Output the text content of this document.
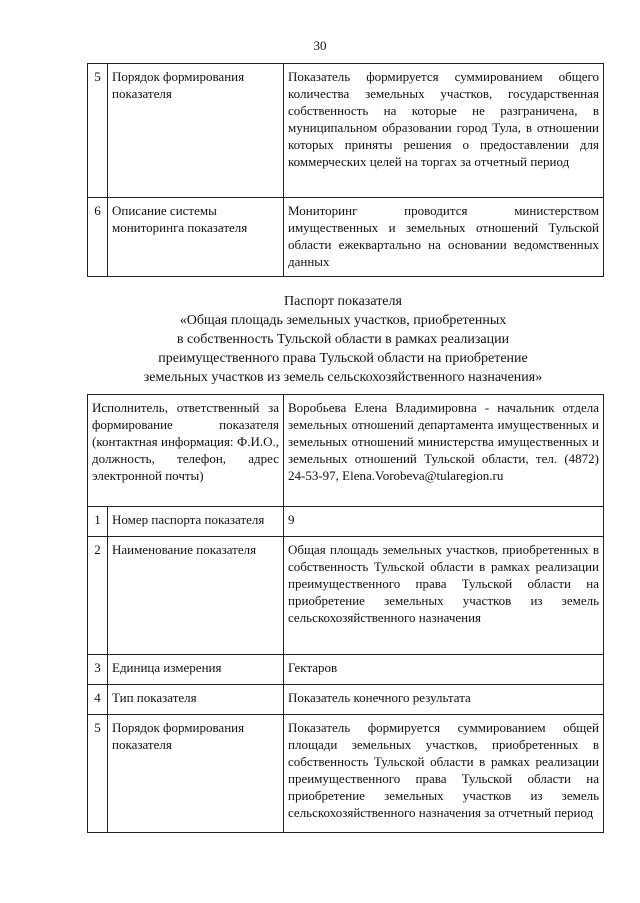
30
5	Порядок формирования показателя	Показатель формируется суммированием общего количества земельных участков, государственная собственность на которые не разграничена, в муниципальном образовании город Тула, в отношении которых приняты решения о предоставлении для коммерческих целей на торгах за отчетный период
6	Описание системы мониторинга показателя	Мониторинг проводится министерством имущественных и земельных отношений Тульской области ежеквартально на основании ведомственных данных
Паспорт показателя
«Общая площадь земельных участков, приобретенных
в собственность Тульской области в рамках реализации
преимущественного права Тульской области на приобретение
земельных участков из земель сельскохозяйственного назначения»
Исполнитель, ответственный за формирование показателя (контактная информация: Ф.И.О., должность, телефон, адрес электронной почты)		Воробьева Елена Владимировна - начальник отдела земельных отношений департамента имущественных и земельных отношений министерства имущественных и земельных отношений Тульской области, тел. (4872) 24-53-97, Elena.Vorobeva@tularegion.ru
1	Номер паспорта показателя	9
2	Наименование показателя	Общая площадь земельных участков, приобретенных в собственность Тульской области в рамках реализации преимущественного права Тульской области на приобретение земельных участков из земель сельскохозяйственного назначения
3	Единица измерения	Гектаров
4	Тип показателя	Показатель конечного результата
5	Порядок формирования показателя	Показатель формируется суммированием общей площади земельных участков, приобретенных в собственность Тульской области в рамках реализации преимущественного права Тульской области на приобретение земельных участков из земель сельскохозяйственного назначения за отчетный период
